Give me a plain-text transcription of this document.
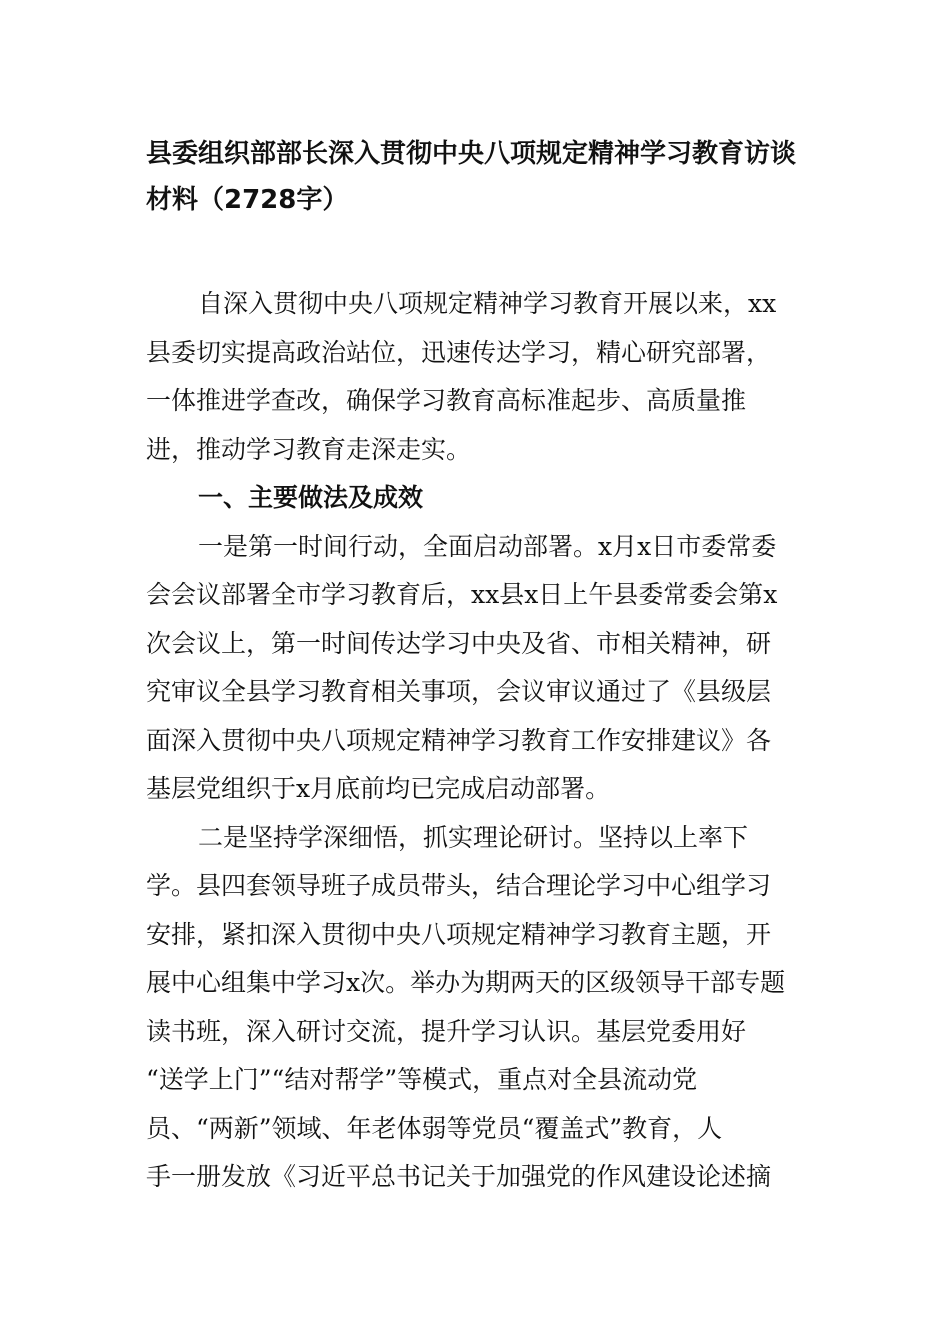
县委组织部部长深入贯彻中央八项规定精神学习教育访谈
材料（2728字）
自深入贯彻中央八项规定精神学习教育开展以来，xx
县委切实提高政治站位，迅速传达学习，精心研究部署，
一体推进学查改，确保学习教育高标准起步、高质量推
进，推动学习教育走深走实。
一、主要做法及成效
一是第一时间行动，全面启动部署。x月x日市委常委
会会议部署全市学习教育后，xx县x日上午县委常委会第x
次会议上，第一时间传达学习中央及省、市相关精神，研
究审议全县学习教育相关事项，会议审议通过了《县级层
面深入贯彻中央八项规定精神学习教育工作安排建议》各
基层党组织于x月底前均已完成启动部署。
二是坚持学深细悟，抓实理论研讨。坚持以上率下
学。县四套领导班子成员带头，结合理论学习中心组学习
安排，紧扣深入贯彻中央八项规定精神学习教育主题，开
展中心组集中学习x次。举办为期两天的区级领导干部专题
读书班，深入研讨交流，提升学习认识。基层党委用好
“送学上门”“结对帮学”等模式，重点对全县流动党
员、“两新”领域、年老体弱等党员“覆盖式”教育，人
手一册发放《习近平总书记关于加强党的作风建设论述摘
